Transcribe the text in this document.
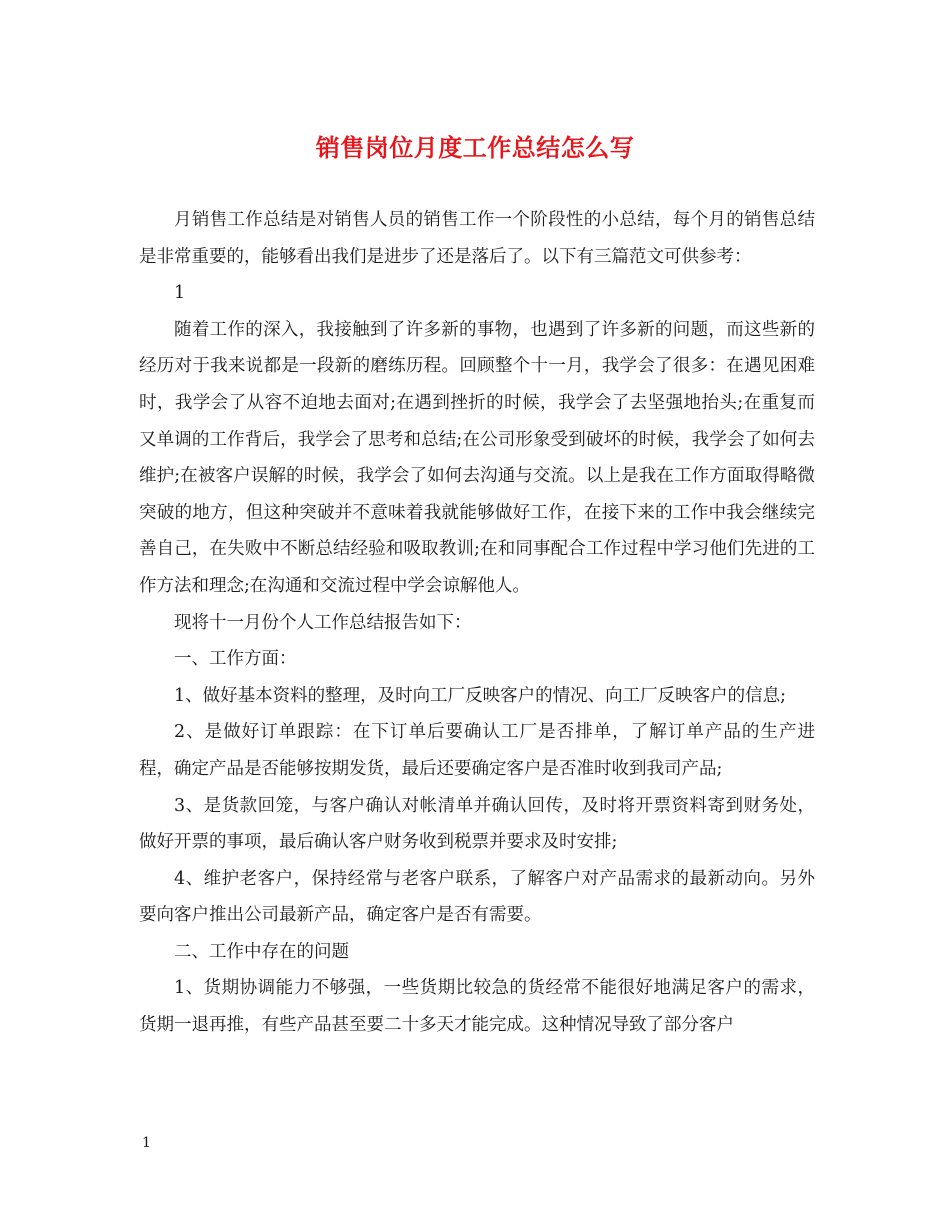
销售岗位月度工作总结怎么写

月销售工作总结是对销售人员的销售工作一个阶段性的小总结，每个月的销售总结是非常重要的，能够看出我们是进步了还是落后了。以下有三篇范文可供参考：

1

随着工作的深入，我接触到了许多新的事物，也遇到了许多新的问题，而这些新的经历对于我来说都是一段新的磨练历程。回顾整个十一月，我学会了很多：在遇见困难时，我学会了从容不迫地去面对;在遇到挫折的时候，我学会了去坚强地抬头;在重复而又单调的工作背后，我学会了思考和总结;在公司形象受到破坏的时候，我学会了如何去维护;在被客户误解的时候，我学会了如何去沟通与交流。以上是我在工作方面取得略微突破的地方，但这种突破并不意味着我就能够做好工作，在接下来的工作中我会继续完善自己，在失败中不断总结经验和吸取教训;在和同事配合工作过程中学习他们先进的工作方法和理念;在沟通和交流过程中学会谅解他人。

现将十一月份个人工作总结报告如下：

一、工作方面：

1、做好基本资料的整理，及时向工厂反映客户的情况、向工厂反映客户的信息;

2、是做好订单跟踪：在下订单后要确认工厂是否排单，了解订单产品的生产进程，确定产品是否能够按期发货，最后还要确定客户是否准时收到我司产品;

3、是货款回笼，与客户确认对帐清单并确认回传，及时将开票资料寄到财务处，做好开票的事项，最后确认客户财务收到税票并要求及时安排;

4、维护老客户，保持经常与老客户联系，了解客户对产品需求的最新动向。另外要向客户推出公司最新产品，确定客户是否有需要。

二、工作中存在的问题

1、货期协调能力不够强，一些货期比较急的货经常不能很好地满足客户的需求，货期一退再推，有些产品甚至要二十多天才能完成。这种情况导致了部分客户

1
